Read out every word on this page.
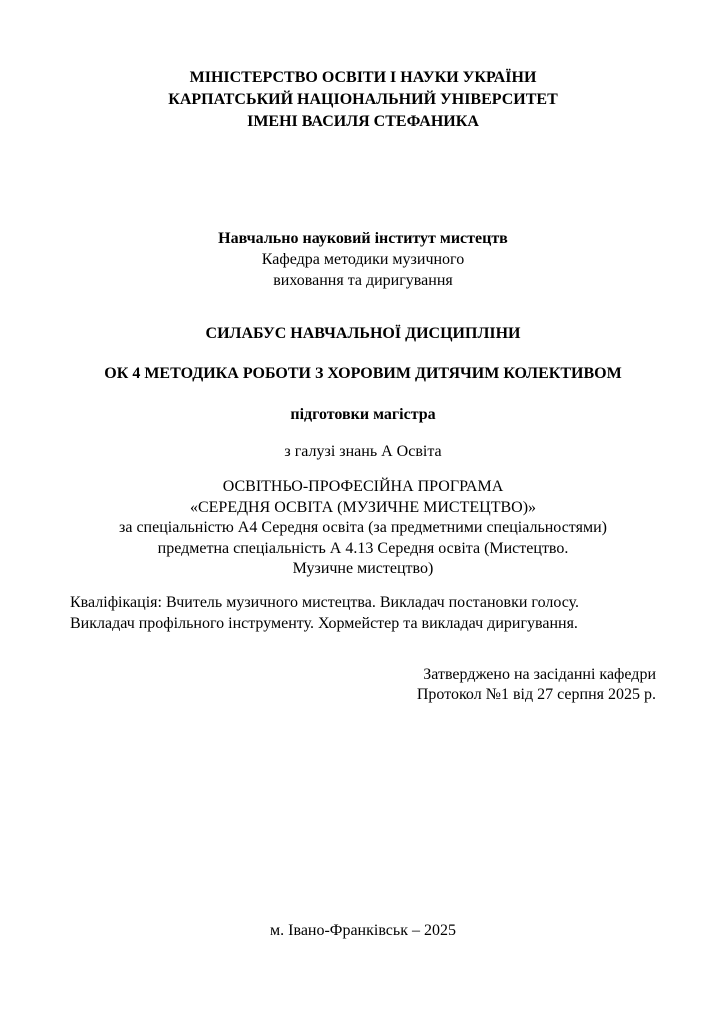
МІНІСТЕРСТВО ОСВІТИ І НАУКИ УКРАЇНИ
КАРПАТСЬКИЙ НАЦІОНАЛЬНИЙ УНІВЕРСИТЕТ
ІМЕНІ ВАСИЛЯ СТЕФАНИКА
Навчально науковий інститут мистецтв
Кафедра методики музичного
виховання та диригування
СИЛАБУС НАВЧАЛЬНОЇ ДИСЦИПЛІНИ
ОК 4 МЕТОДИКА РОБОТИ З ХОРОВИМ ДИТЯЧИМ КОЛЕКТИВОМ
підготовки магістра
з галузі знань А Освіта
ОСВІТНЬО-ПРОФЕСІЙНА ПРОГРАМА
«СЕРЕДНЯ ОСВІТА (МУЗИЧНЕ МИСТЕЦТВО)»
за спеціальністю А4 Середня освіта (за предметними спеціальностями)
предметна спеціальність А 4.13 Середня освіта (Мистецтво.
Музичне мистецтво)
Кваліфікація: Вчитель музичного мистецтва. Викладач постановки голосу.
Викладач профільного інструменту. Хормейстер та викладач диригування.
Затверджено на засіданні кафедри
Протокол №1 від 27 серпня 2025 р.
м. Івано-Франківськ – 2025
